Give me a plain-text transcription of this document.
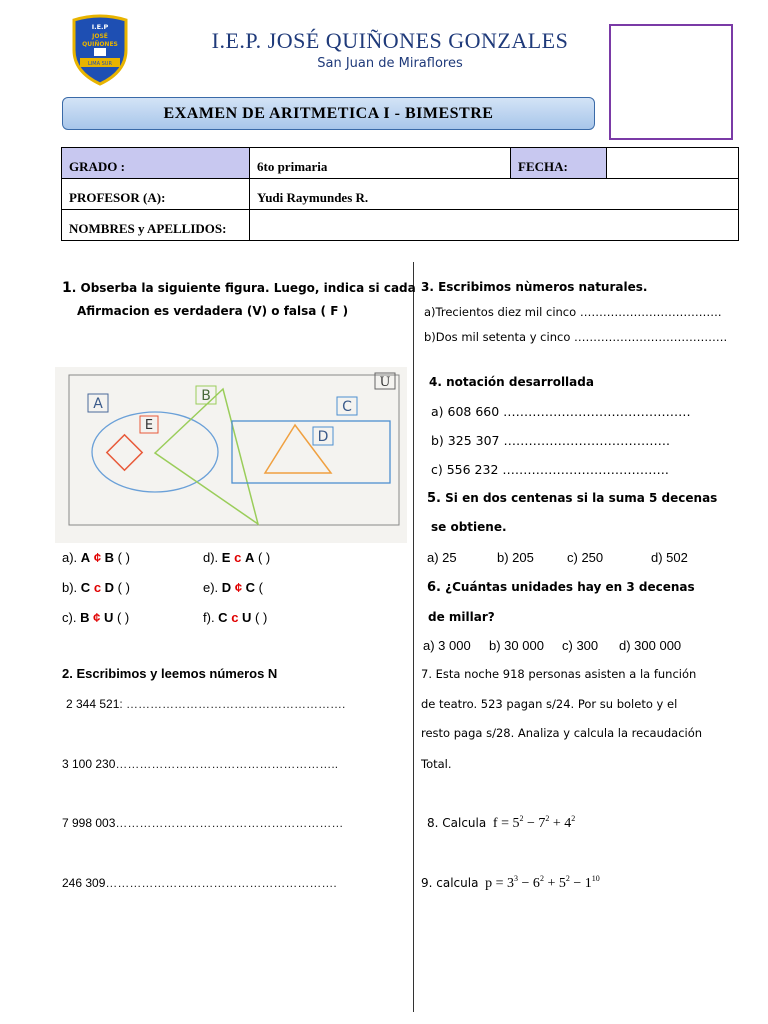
I.E.P
JOSÉ
QUIÑONES
LIMA SUR
I.E.P. JOSÉ QUIÑONES GONZALES
San Juan de Miraflores
EXAMEN DE ARITMETICA I - BIMESTRE
GRADO :	6to primaria	FECHA:	
PROFESOR (A):	Yudi Raymundes R.		
NOMBRES y APELLIDOS:			
1. Obserba la siguiente figura. Luego, indica si cada
Afirmacion es verdadera (V) o falsa ( F )
A	B
C
D
E
U
a). A ¢ B ( )	d). E c A ( )
b). C c D ( )	e). D ¢ C (
c). B ¢ U ( )	f). C c U ( )
2. Escribimos y leemos números N
2 344 521: ……………………………………………….
3 100 230………………………………………………..
7 998 003…………………………………………………
246 309………………………………………………….
3. Escribimos nùmeros naturales.
a)Trecientos diez mil cinco ……………………………….
b)Dos mil setenta y cinco ………………………………….
4. notación desarrollada
a) 608 660 ………………………………………
b) 325 307 ………………………………….
c) 556 232 ………………………………….
5. Si en dos centenas si la suma 5 decenas
se obtiene.
a) 25	b) 205	c) 250	d) 502
6. ¿Cuántas unidades hay en 3 decenas
de millar?
a) 3 000 b) 30 000 c) 300 d) 300 000
7. Esta noche 918 personas asisten a la función
de teatro. 523 pagan s/24. Por su boleto y el
resto paga s/28. Analiza y calcula la recaudación
Total.
8. Calcula $f = 5^2 - 7^2 + 4^2$
9. calcula $p = 3^3 - 6^2 + 5^2 - 1^{10}$
